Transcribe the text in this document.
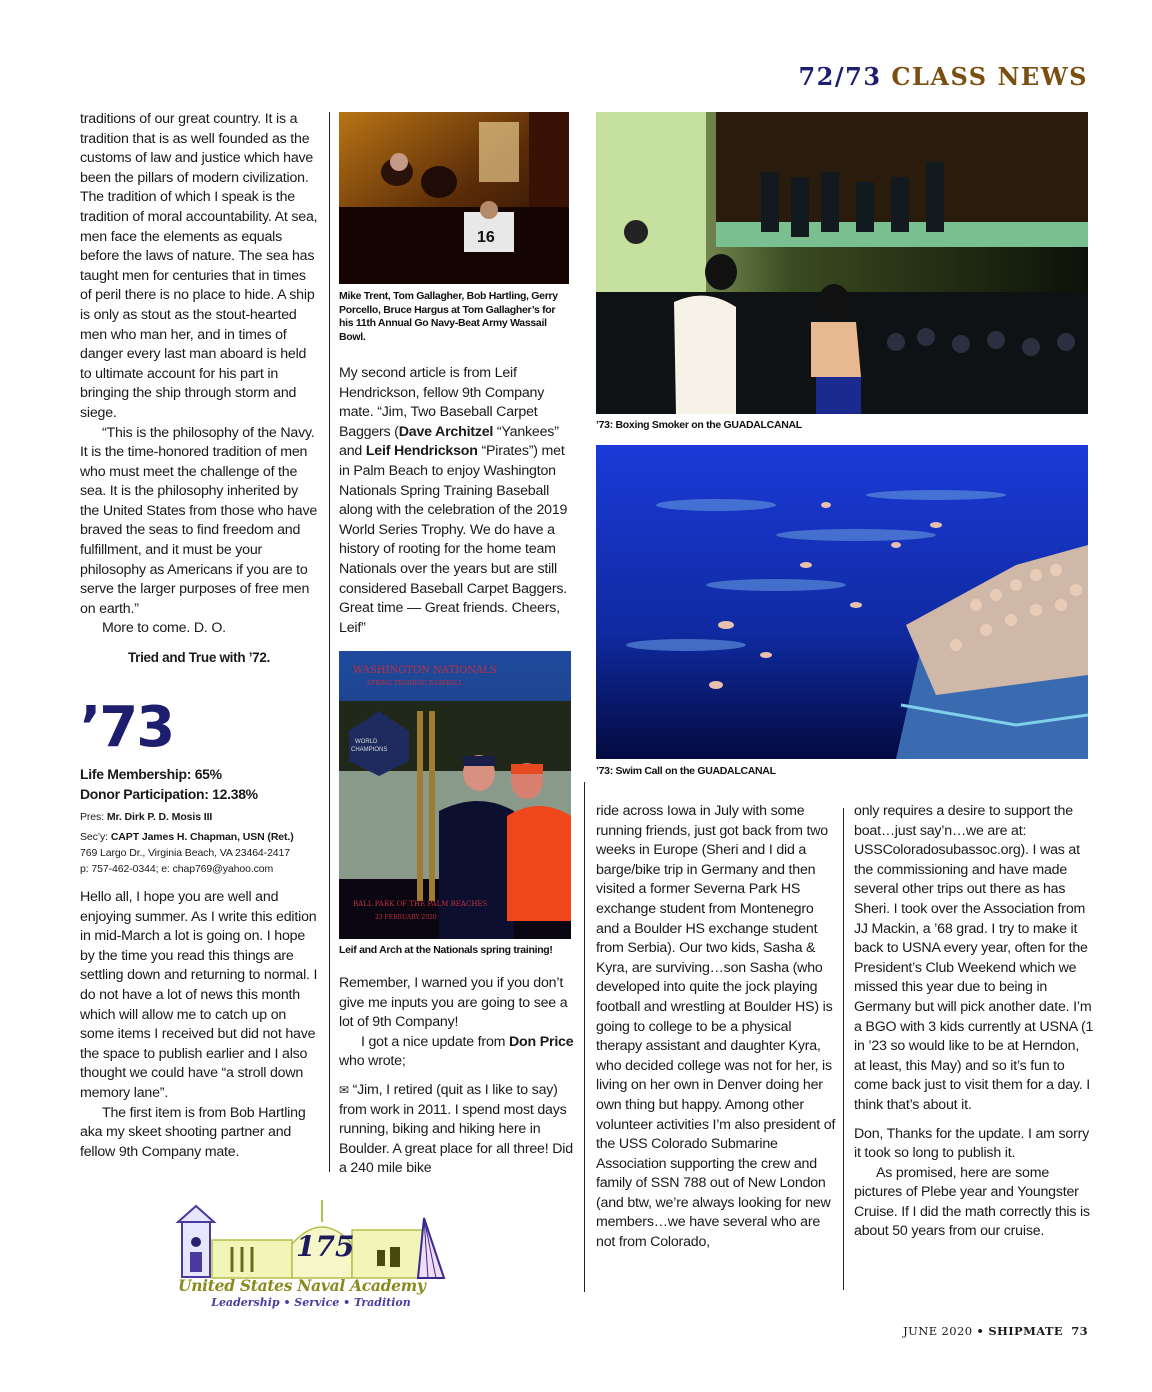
72/73 CLASS NEWS

traditions of our great country. It is a tradition that is as well founded as the customs of law and justice which have been the pillars of modern civilization. The tradition of which I speak is the tradition of moral accountability. At sea, men face the elements as equals before the laws of nature. The sea has taught men for centuries that in times of peril there is no place to hide. A ship is only as stout as the stout-hearted men who man her, and in times of danger every last man aboard is held to ultimate account for his part in bringing the ship through storm and siege.

“This is the philosophy of the Navy. It is the time-honored tradition of men who must meet the challenge of the sea. It is the philosophy inherited by the United States from those who have braved the seas to find freedom and fulfillment, and it must be your philosophy as Americans if you are to serve the larger purposes of free men on earth.”

More to come. D. O.

Tried and True with ’72.
’73
Life Membership: 65%
Donor Participation: 12.38%
Pres: Mr. Dirk P. D. Mosis III
Sec’y: CAPT James H. Chapman, USN (Ret.)
769 Largo Dr., Virginia Beach, VA 23464-2417
p: 757-462-0344; e: chap769@yahoo.com

Hello all, I hope you are well and enjoying summer. As I write this edition in mid-March a lot is going on. I hope by the time you read this things are settling down and returning to normal. I do not have a lot of news this month which will allow me to catch up on some items I received but did not have the space to publish earlier and I also thought we could have “a stroll down memory lane”.

The first item is from Bob Hartling aka my skeet shooting partner and fellow 9th Company mate.

175
United States Naval Academy
Leadership • Service • Tradition
16
Mike Trent, Tom Gallagher, Bob Hartling, Gerry Porcello, Bruce Hargus at Tom Gallagher’s for his 11th Annual Go Navy-Beat Army Wassail Bowl.

My second article is from Leif Hendrickson, fellow 9th Company mate. “Jim, Two Baseball Carpet Baggers (Dave Architzel “Yankees” and Leif Hendrickson “Pirates”) met in Palm Beach to enjoy Washington Nationals Spring Training Baseball along with the celebration of the 2019 World Series Trophy. We do have a history of rooting for the home team Nationals over the years but are still considered Baseball Carpet Baggers. Great time — Great friends. Cheers, Leif”

WASHINGTON NATIONALS
SPRING TRAINING BASEBALL
WORLD
CHAMPIONS
BALL PARK OF THE PALM BEACHES
23 FEBRUARY 2020
Leif and Arch at the Nationals spring training!

Remember, I warned you if you don’t give me inputs you are going to see a lot of 9th Company!

I got a nice update from Don Price who wrote;

✉ “Jim, I retired (quit as I like to say) from work in 2011. I spend most days running, biking and hiking here in Boulder. A great place for all three! Did a 240 mile bike

’73: Boxing Smoker on the GUADALCANAL
’73: Swim Call on the GUADALCANAL

ride across Iowa in July with some running friends, just got back from two weeks in Europe (Sheri and I did a barge/bike trip in Germany and then visited a former Severna Park HS exchange student from Montenegro and a Boulder HS exchange student from Serbia). Our two kids, Sasha & Kyra, are surviving…son Sasha (who developed into quite the jock playing football and wrestling at Boulder HS) is going to college to be a physical therapy assistant and daughter Kyra, who decided college was not for her, is living on her own in Denver doing her own thing but happy. Among other volunteer activities I’m also president of the USS Colorado Submarine Association supporting the crew and family of SSN 788 out of New London (and btw, we’re always looking for new members…we have several who are not from Colorado,

only requires a desire to support the boat…just say’n…we are at: USSColoradosubassoc.org). I was at the commissioning and have made several other trips out there as has Sheri. I took over the Association from JJ Mackin, a ’68 grad. I try to make it back to USNA every year, often for the President’s Club Weekend which we missed this year due to being in Germany but will pick another date. I’m a BGO with 3 kids currently at USNA (1 in ’23 so would like to be at Herndon, at least, this May) and so it’s fun to come back just to visit them for a day. I think that’s about it.

Don, Thanks for the update. I am sorry it took so long to publish it.

As promised, here are some pictures of Plebe year and Youngster Cruise. If I did the math correctly this is about 50 years from our cruise.

JUNE 2020 • SHIPMATE 73
